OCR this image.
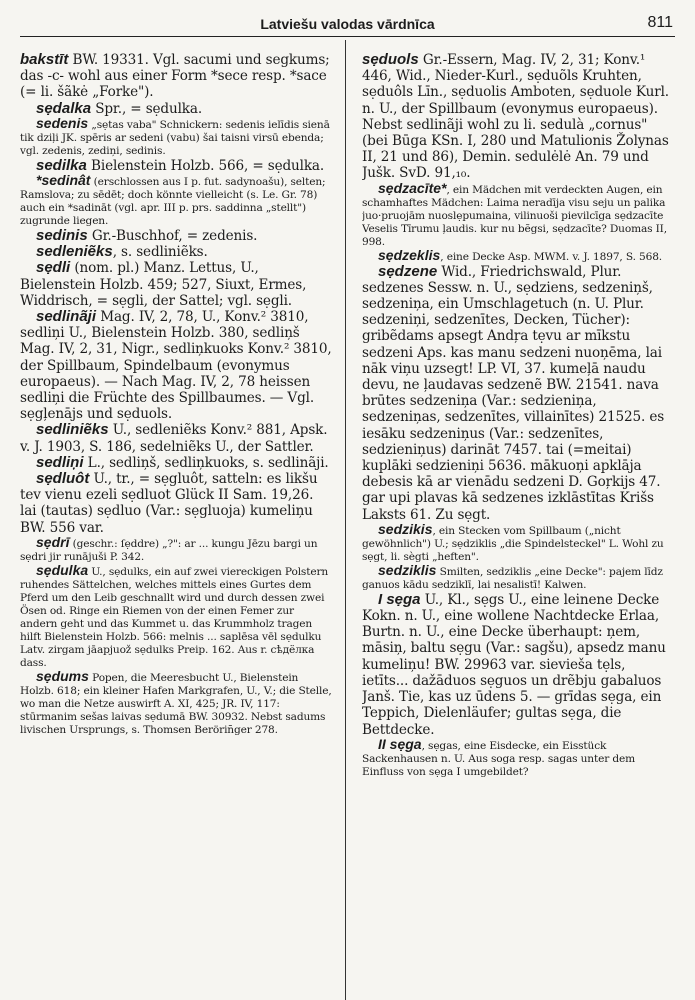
Latviešu valodas vārdnīca	811

bakstīt BW. 19331. Vgl. sacumi und segkums; das -c- wohl aus einer Form *sece resp. *sace (= li. šãkė „Forke").

sẹdalka Spr., = sẹdulka.

sedenis „sẹtas vaba" Schnickern: sedenis ielīdis sienā tik dziļi JK. spēris ar sedeni (vabu) šai taisni virsū ebenda; vgl. zedenis, zediņi, sedinis.

sedilka Bielenstein Holzb. 566, = sẹdulka.

*sedinât (erschlossen aus I p. fut. sadynoašu), selten; Ramslova; zu sēdēt; doch könnte vielleicht (s. Le. Gr. 78) auch ein *sadināt (vgl. apr. III p. prs. saddinna „stellt") zugrunde liegen.

sedinis Gr.-Buschhof, = zedenis.

sedleniẽks, s. sedliniẽks.

sẹdli (nom. pl.) Manz. Lettus, U., Bielenstein Holzb. 459; 527, Siuxt, Ermes, Widdrisch, = sẹgli, der Sattel; vgl. sẹgli.

sedlinãji Mag. IV, 2, 78, U., Konv.² 3810, sedliņi U., Bielenstein Holzb. 380, sedliņš Mag. IV, 2, 31, Nigr., sedliņkuoks Konv.² 3810, der Spillbaum, Spindelbaum (evonymus europaeus). — Nach Mag. IV, 2, 78 heissen sedliņi die Früchte des Spillbaumes. — Vgl. sẹgļenājs und sẹduols.

sedliniẽks U., sedleniẽks Konv.² 881, Apsk. v. J. 1903, S. 186, sedelniẽks U., der Sattler.

sedliņi L., sedliņš, sedliņkuoks, s. sedlinãji.

sẹdluôt U., tr., = sẹgluôt, satteln: es likšu tev vienu ezeli sẹdluot Glück II Sam. 19,26. lai (tautas) sẹdluo (Var.: sẹgluoja) kumeliņu BW. 556 var.

sẹdrī (geschr.: ſẹddre) „?": ar ... kungu Jēzu bargi un sẹdri jir runājuši P. 342.

sẹdulka U., sẹdulks, ein auf zwei viereckigen Polstern ruhendes Sättelchen, welches mittels eines Gurtes dem Pferd um den Leib geschnallt wird und durch dessen zwei Ösen od. Ringe ein Riemen von der einen Femer zur andern geht und das Kummet u. das Krummholz tragen hilft Bielenstein Holzb. 566: melnis ... saplēsa vēl sẹdulku Latv. zirgam jāapjuož sẹdulks Preip. 162. Aus r. cѣдёлка dass.

sẹdums Popen, die Meeresbucht U., Bielenstein Holzb. 618; ein kleiner Hafen Markgrafen, U., V.; die Stelle, wo man die Netze auswirft A. XI, 425; JR. IV, 117: stūrmanim sešas laivas sẹdumā BW. 30932. Nebst sadums livischen Ursprungs, s. Thomsen Berörin̄ger 278.

sẹduols Gr.-Essern, Mag. IV, 2, 31; Konv.¹ 446, Wid., Nieder-Kurl., sẹduõls Kruhten, sẹduôls Līn., sẹduolis Amboten, sẹduole Kurl. n. U., der Spillbaum (evonymus europaeus). Nebst sedlinãji wohl zu li. sedulà „cornus" (bei Būga KSn. I, 280 und Matulionis Žolynas II, 21 und 86), Demin. sedulėlė An. 79 und Jušk. SvD. 91,₁₀.

sẹdzacīte*, ein Mädchen mit verdeckten Augen, ein schamhaftes Mädchen: Laima neradīja visu seju un palika juo·pruojām nuoslẹpumaina, vilinuoši pievilcīga sẹdzacīte Veselis Tīrumu ļaudis. kur nu bẽgsi, sẹdzacīte? Duomas II, 998.

sẹdzeklis, eine Decke Asp. MWM. v. J. 1897, S. 568.

sẹdzene Wid., Friedrichswald, Plur. sedzenes Sessw. n. U., sẹdziens, sedzeniņš, sedzeniņa, ein Umschlagetuch (n. U. Plur. sedzeniņi, sedzenītes, Decken, Tücher): gribẽdams apsegt Andŗa tẹvu ar mīkstu sedzeni Aps. kas manu sedzeni nuoņēma, lai nāk viņu uzsegt! LP. VI, 37. kumeļā naudu devu, ne ļaudavas sedzenẽ BW. 21541. nava brūtes sedzeniņa (Var.: sedzieniņa, sedzeniņas, sedzenītes, villainītes) 21525. es iesāku sedzeniņus (Var.: sedzenītes, sedzieniņus) darināt 7457. tai (=meitai) kuplāki sedzieniņi 5636. mākuoņi apklāja debesis kā ar vienādu sedzeni D. Goŗkijs 47. gar upi plavas kā sedzenes izklāstītas Krišs Laksts 61. Zu sẹgt.

sedzikis, ein Stecken vom Spillbaum („nicht gewöhnlich") U.; sẹdziklis „die Spindelsteckel" L. Wohl zu sẹgt, li. sègti „heften".

sedziklis Smilten, sedziklis „eine Decke": pajem līdz ganuos kādu sedziklī, lai nesalistī! Kalwen.

I sẹga U., Kl., sẹgs U., eine leinene Decke Kokn. n. U., eine wollene Nachtdecke Erlaa, Burtn. n. U., eine Decke überhaupt: ņem, māsiņ, baltu sẹgu (Var.: sagšu), apsedz manu kumeliņu! BW. 29963 var. sieviešа tẹls, ietīts... dažāduos sẹguos un drẽbju gabaluos Janš. Tie, kas uz ūdens 5. — grīdas sẹga, ein Teppich, Dielenläufer; gultas sẹga, die Bettdecke.

II sẹga, sẹgas, eine Eisdecke, ein Eisstück Sackenhausen n. U. Aus soga resp. sagas unter dem Einfluss von sẹga I umgebildet?
